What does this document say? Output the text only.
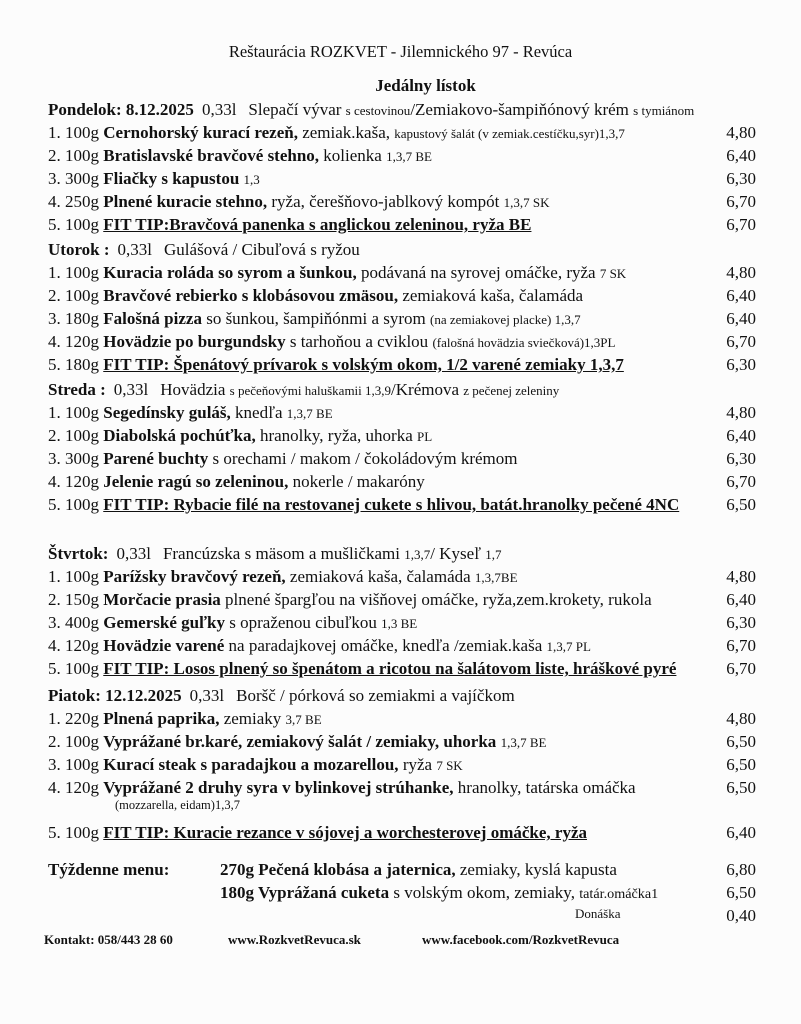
Reštaurácia ROZKVET - Jilemnického 97 - Revúca
Jedálny lístok
Pondelok: 8.12.2025 0,33l Slepačí vývar s cestovinou/Zemiakovo-šampiňónový krém s tymiánom
1. 100g Cernohorský kurací rezeň, zemiak.kaša, kapustový šalát (v zemiak.cestíčku,syr)1,3,7	4,80
2. 100g Bratislavské bravčové stehno, kolienka 1,3,7 BE	6,40
3. 300g Fliačky s kapustou 1,3	6,30
4. 250g Plnené kuracie stehno, ryža, čerešňovo-jablkový kompót 1,3,7 SK	6,70
5. 100g FIT TIP:Bravčová panenka s anglickou zeleninou, ryža BE	6,70
Utorok : 0,33l Gulášová / Cibuľová s ryžou
1. 100g Kuracia roláda so syrom a šunkou, podávaná na syrovej omáčke, ryža 7 SK	4,80
2. 100g Bravčové rebierko s klobásovou zmäsou, zemiaková kaša, čalamáda	6,40
3. 180g Falošná pizza so šunkou, šampiňónmi a syrom (na zemiakovej placke) 1,3,7	6,40
4. 120g Hovädzie po burgundsky s tarhoňou a cviklou (falošná hovädzia sviečková)1,3PL	6,70
5. 180g FIT TIP: Špenátový prívarok s volským okom, 1/2 varené zemiaky 1,3,7	6,30
Streda : 0,33l Hovädzia s pečeňovými haluškamii 1,3,9/Krémova z pečenej zeleniny
1. 100g Segedínsky guláš, knedľa 1,3,7 BE	4,80
2. 100g Diabolská pochúťka, hranolky, ryža, uhorka PL	6,40
3. 300g Parené buchty s orechami / makom / čokoládovým krémom	6,30
4. 120g Jelenie ragú so zeleninou, nokerle / makaróny	6,70
5. 100g FIT TIP: Rybacie filé na restovanej cukete s hlivou, batát.hranolky pečené 4NC	6,50
Štvrtok: 0,33l Francúzska s mäsom a mušličkami 1,3,7/ Kyseľ 1,7
1. 100g Parížsky bravčový rezeň, zemiaková kaša, čalamáda 1,3,7BE	4,80
2. 150g Morčacie prasia plnené špargľou na višňovej omáčke, ryža,zem.krokety, rukola	6,40
3. 400g Gemerské guľky s opraženou cibuľkou 1,3 BE	6,30
4. 120g Hovädzie varené na paradajkovej omáčke, knedľa /zemiak.kaša 1,3,7 PL	6,70
5. 100g FIT TIP: Losos plnený so špenátom a ricotou na šalátovom liste, hráškové pyré	6,70
Piatok: 12.12.2025 0,33l Boršč / pórková so zemiakmi a vajíčkom
1. 220g Plnená paprika, zemiaky 3,7 BE	4,80
2. 100g Vyprážané br.karé, zemiakový šalát / zemiaky, uhorka 1,3,7 BE	6,50
3. 100g Kurací steak s paradajkou a mozarellou, ryža 7 SK	6,50
4. 120g Vyprážané 2 druhy syra v bylinkovej strúhanke, hranolky, tatárska omáčka	6,50
(mozzarella, eidam)1,3,7
5. 100g FIT TIP: Kuracie rezance v sójovej a worchesterovej omáčke, ryža	6,40
Týždenne menu:	270g Pečená klobása a jaternica, zemiaky, kyslá kapusta	6,80
180g Vyprážaná cuketa s volským okom, zemiaky, tatár.omáčka1	6,50
Donáška	0,40
Kontakt: 058/443 28 60	www.RozkvetRevuca.sk	www.facebook.com/RozkvetRevuca
